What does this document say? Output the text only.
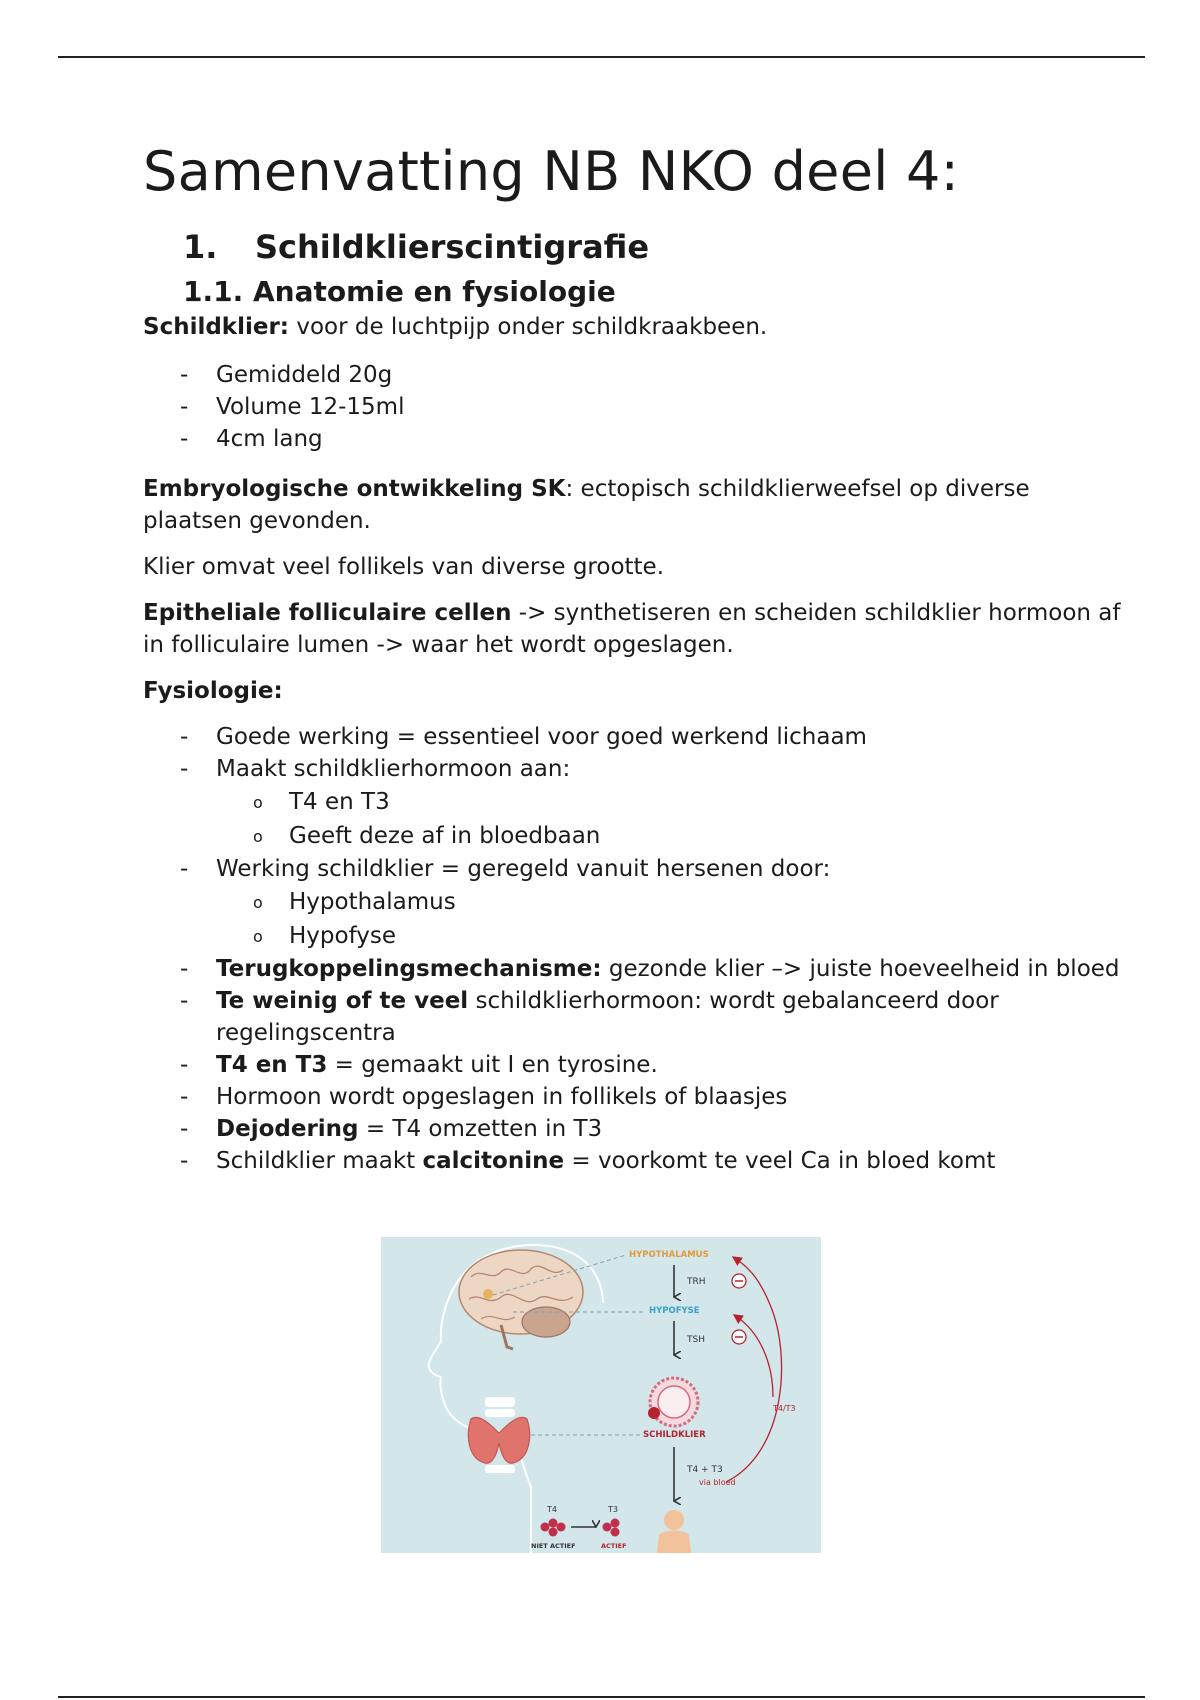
Samenvatting NB NKO deel 4:
1. Schildklierscintigrafie
1.1. Anatomie en fysiologie

Schildklier: voor de luchtpijp onder schildkraakbeen.

- Gemiddeld 20g
- Volume 12-15ml
- 4cm lang

Embryologische ontwikkeling SK: ectopisch schildklierweefsel op diverse plaatsen gevonden.

Klier omvat veel follikels van diverse grootte.

Epitheliale folliculaire cellen -> synthetiseren en scheiden schildklier hormoon af in folliculaire lumen -> waar het wordt opgeslagen.

Fysiologie:

- Goede werking = essentieel voor goed werkend lichaam
- Maakt schildklierhormoon aan:
o T4 en T3
o Geeft deze af in bloedbaan
- Werking schildklier = geregeld vanuit hersenen door:
o Hypothalamus
o Hypofyse
- Terugkoppelingsmechanisme: gezonde klier –> juiste hoeveelheid in bloed
- Te weinig of te veel schildklierhormoon: wordt gebalanceerd door regelingscentra
- T4 en T3 = gemaakt uit I en tyrosine.
- Hormoon wordt opgeslagen in follikels of blaasjes
- Dejodering = T4 omzetten in T3
- Schildklier maakt calcitonine = voorkomt te veel Ca in bloed komt
HYPOTHALAMUS
HYPOFYSE
SCHILDKLIER
TRH
TSH
T4 + T3
via bloed
T4/T3
T4	T3
NIET ACTIEF	ACTIEF
